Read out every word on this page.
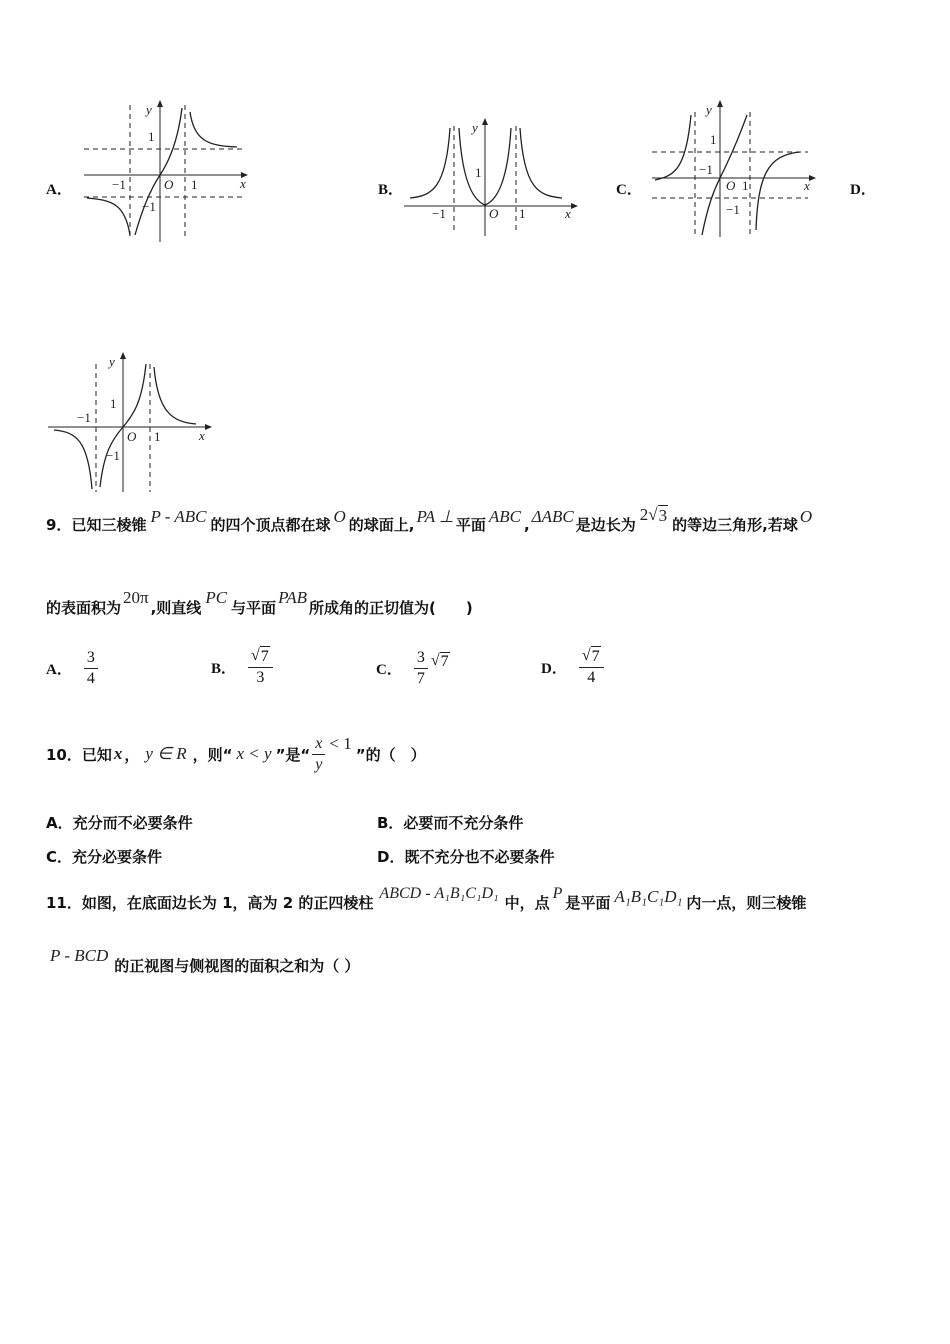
A．
y
x
1
−1	O 1
−1
B．
y
x
1
−1	O 1
C．
y
x
1
−1
O 1
−1
D．
y
x
1
−1
O 1
−1
9． 已知三棱锥 P - ABC 的四个顶点都在球 O 的球面上, PA ⊥ 平面 ABC , ΔABC 是边长为
2 √ 3 的等边三角形,若球 O
的表面积为
20π
,则直线
PC
与平面
PAB
所成角的正切值为(　　)
A． $\frac{3}{4}$	B． $\frac{√ 7}{3}$	C． $\frac{3}{7}$ √ 7	D． $\frac{√ 7}{4}$
10． 已知 x ， y ∈ R ，则“ x < y ”是“ $\frac{x}{y} < 1$
”的（　）
A．充分而不必要条件	B．必要而不充分条件
C．充分必要条件	D．既不充分也不必要条件
11． 如图，在底面边长为 1，高为 2 的正四棱柱
ABCD - A₁B₁C₁D₁
中，点
P
是平面 A₁B₁C₁D₁ 内一点，则三棱锥
P - BCD
的正视图与侧视图的面积之和为（ ）
